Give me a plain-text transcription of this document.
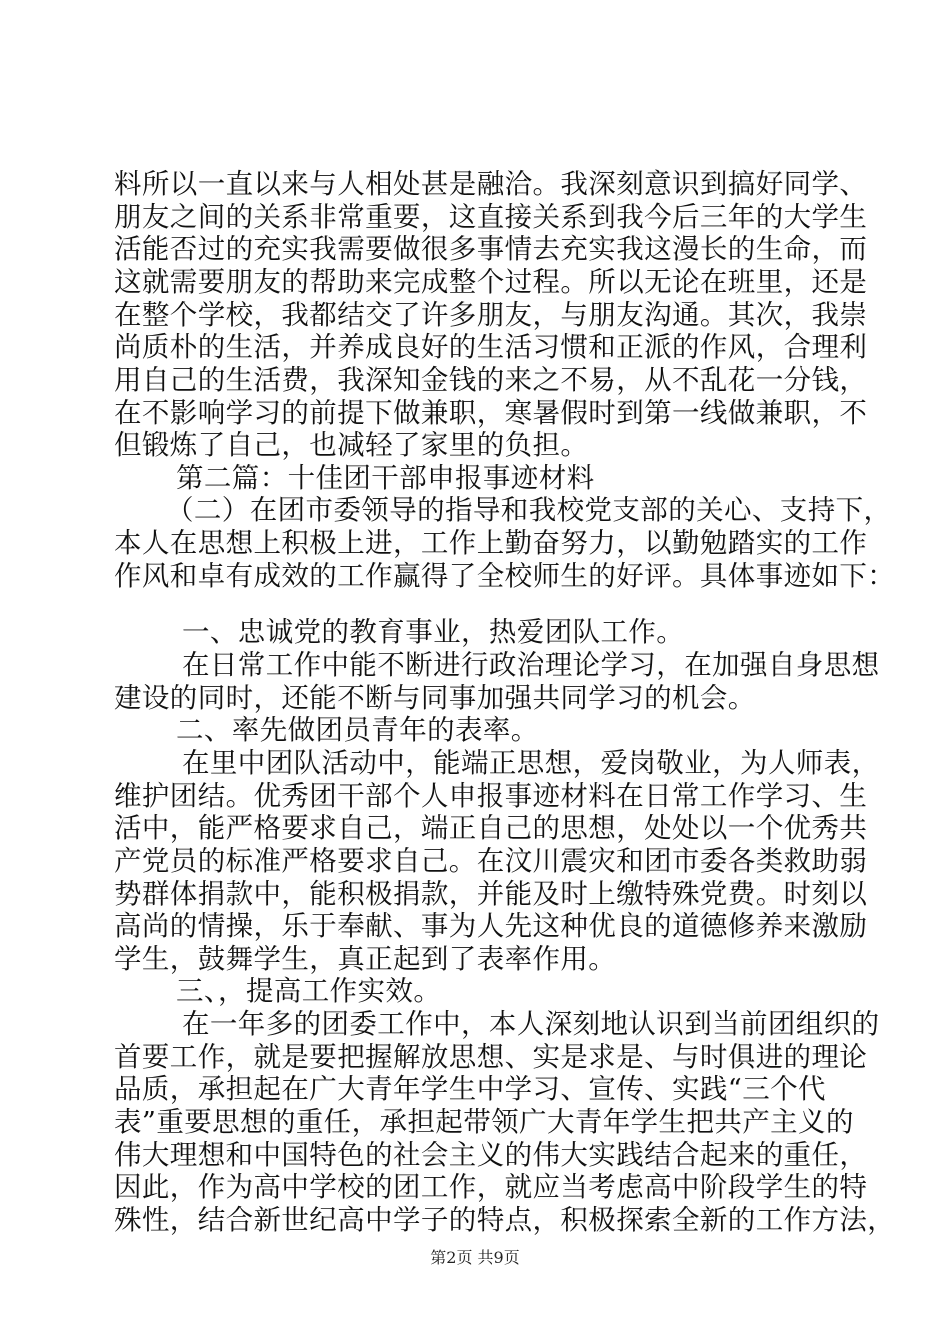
料所以一直以来与人相处甚是融洽。我深刻意识到搞好同学、
朋友之间的关系非常重要，这直接关系到我今后三年的大学生
活能否过的充实我需要做很多事情去充实我这漫长的生命，而
这就需要朋友的帮助来完成整个过程。所以无论在班里，还是
在整个学校，我都结交了许多朋友，与朋友沟通。其次，我崇
尚质朴的生活，并养成良好的生活习惯和正派的作风，合理利
用自己的生活费，我深知金钱的来之不易，从不乱花一分钱，
在不影响学习的前提下做兼职，寒暑假时到第一线做兼职，不
但锻炼了自己，也减轻了家里的负担。
第二篇：十佳团干部申报事迹材料
（二）在团市委领导的指导和我校党支部的关心、支持下，
本人在思想上积极上进，工作上勤奋努力，以勤勉踏实的工作
作风和卓有成效的工作赢得了全校师生的好评。具体事迹如下：
一、忠诚党的教育事业，热爱团队工作。
在日常工作中能不断进行政治理论学习，在加强自身思想
建设的同时，还能不断与同事加强共同学习的机会。
二、率先做团员青年的表率。
在里中团队活动中，能端正思想，爱岗敬业，为人师表，
维护团结。优秀团干部个人申报事迹材料在日常工作学习、生
活中，能严格要求自己，端正自己的思想，处处以一个优秀共
产党员的标准严格要求自己。在汶川震灾和团市委各类救助弱
势群体捐款中，能积极捐款，并能及时上缴特殊党费。时刻以
高尚的情操，乐于奉献、事为人先这种优良的道德修养来激励
学生，鼓舞学生，真正起到了表率作用。
三、，提高工作实效。
在一年多的团委工作中，本人深刻地认识到当前团组织的
首要工作，就是要把握解放思想、实是求是、与时俱进的理论
品质，承担起在广大青年学生中学习、宣传、实践“三个代
表”重要思想的重任，承担起带领广大青年学生把共产主义的
伟大理想和中国特色的社会主义的伟大实践结合起来的重任，
因此，作为高中学校的团工作，就应当考虑高中阶段学生的特
殊性，结合新世纪高中学子的特点，积极探索全新的工作方法，
第2页 共9页
